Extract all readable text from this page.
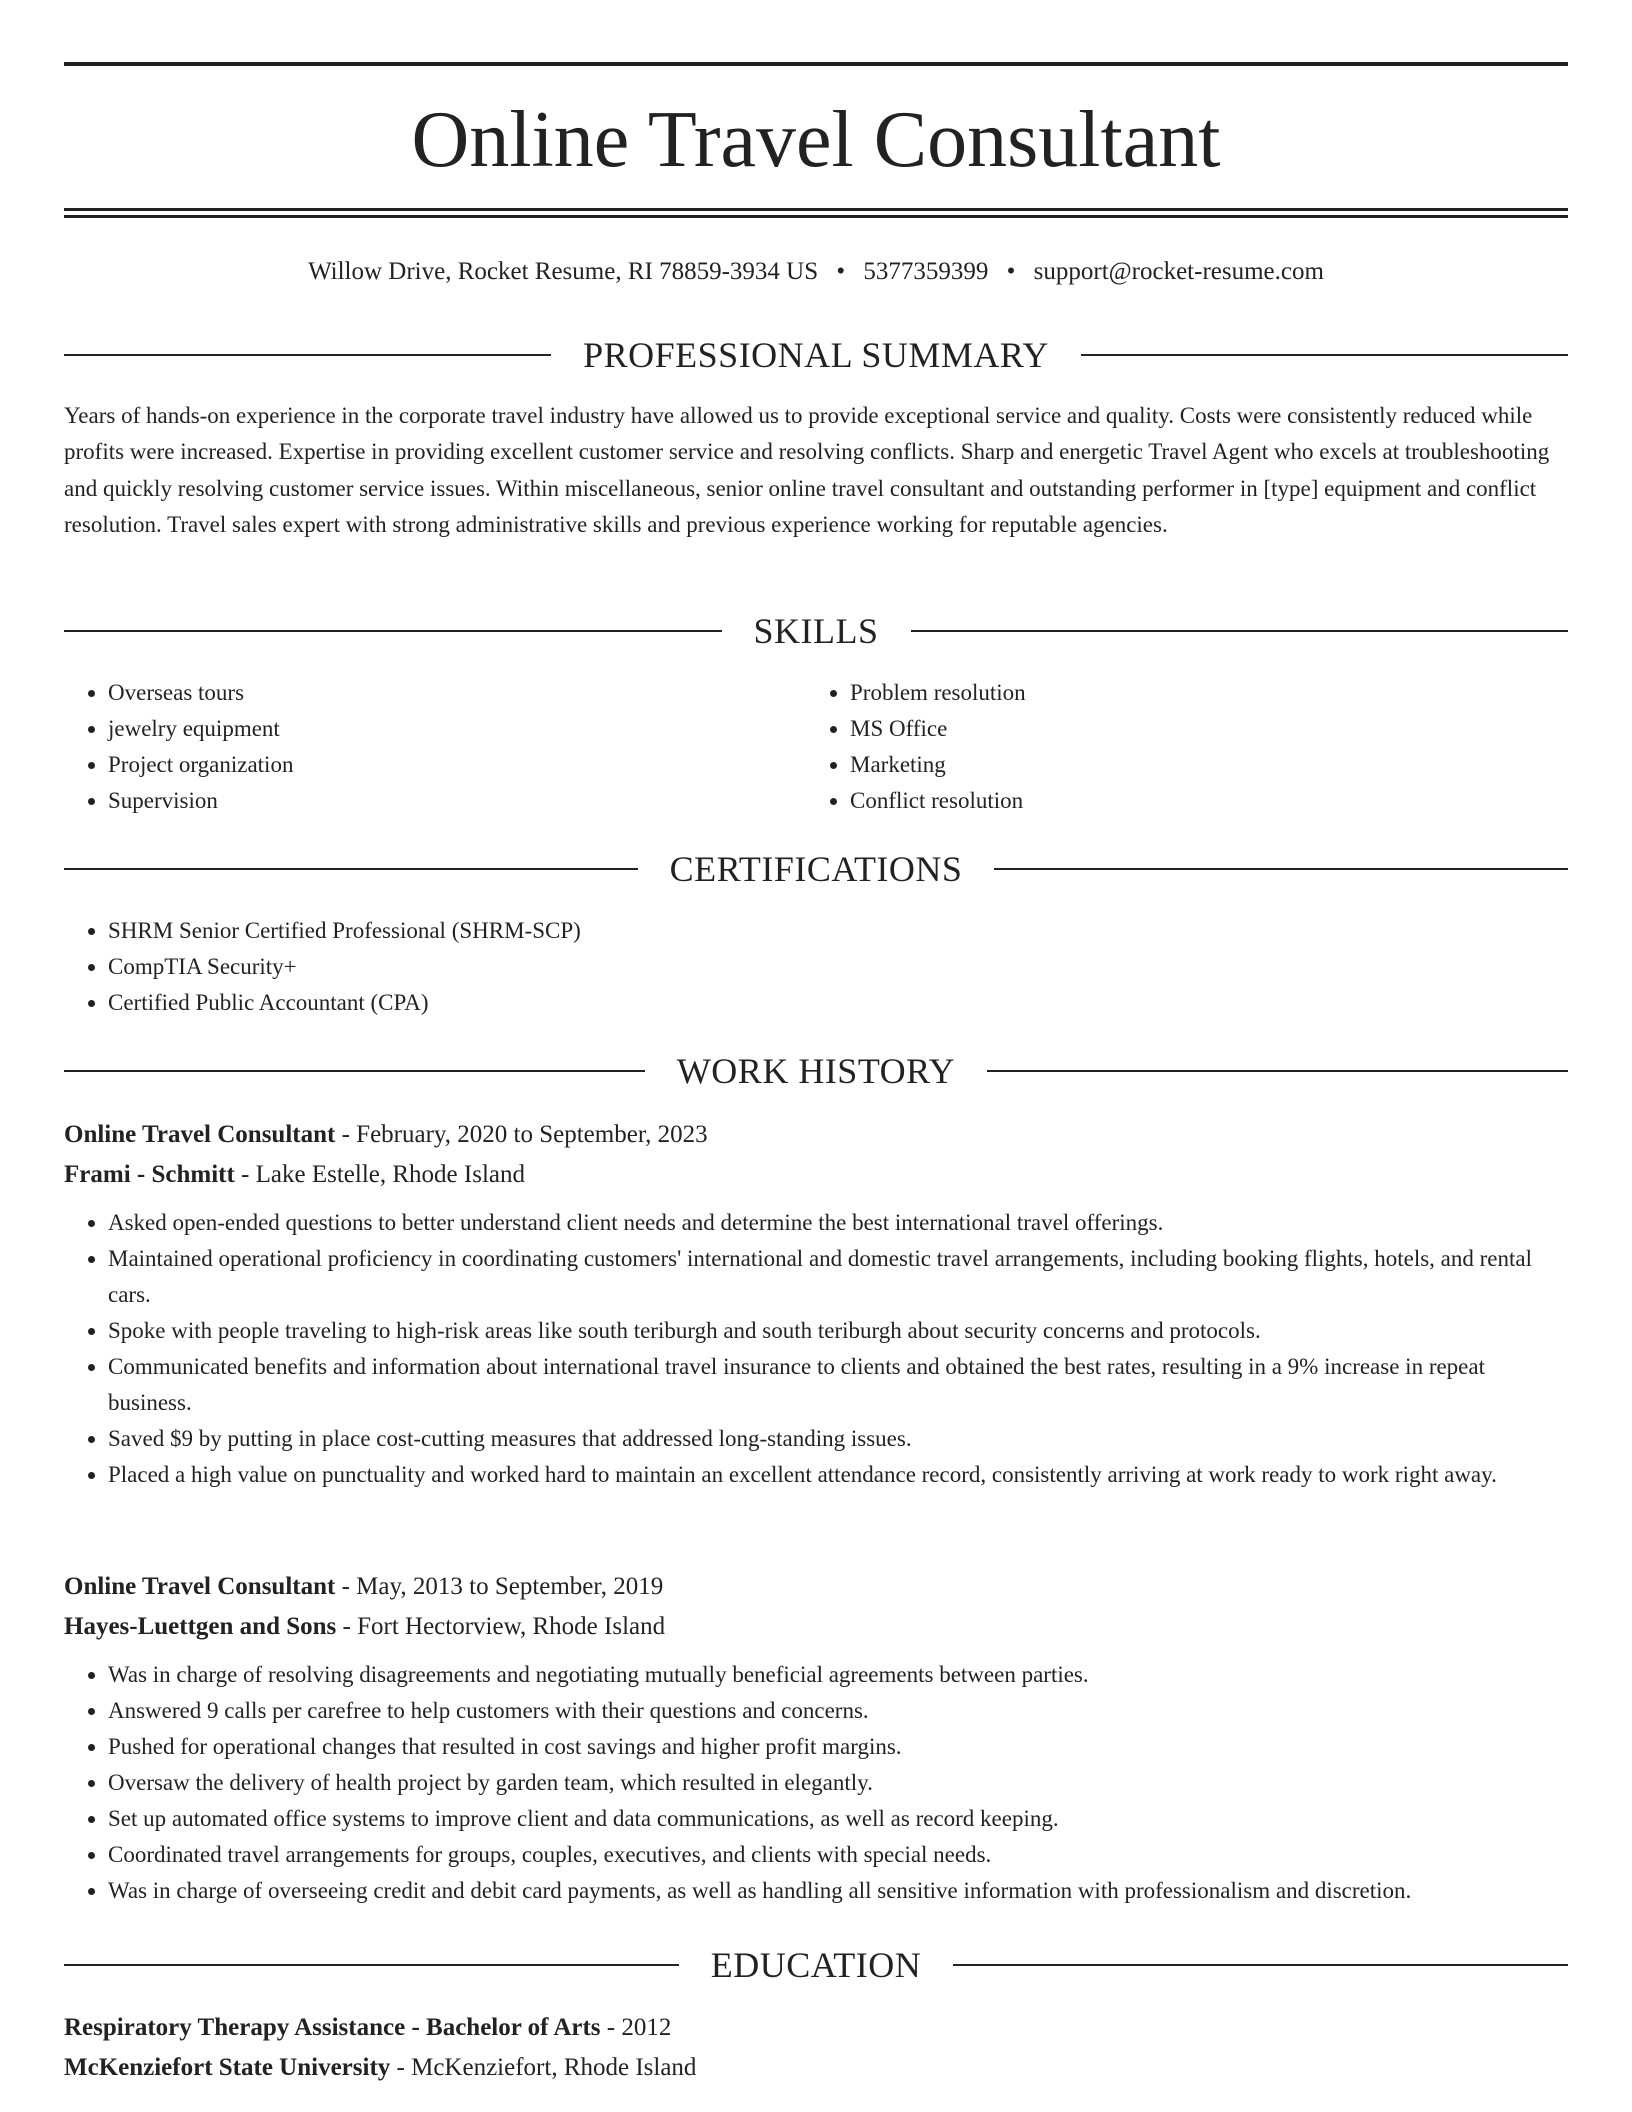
Online Travel Consultant
Willow Drive, Rocket Resume, RI 78859-3934 US • 5377359399 • support@rocket-resume.com
PROFESSIONAL SUMMARY

Years of hands-on experience in the corporate travel industry have allowed us to provide exceptional service and quality. Costs were consistently reduced while profits were increased. Expertise in providing excellent customer service and resolving conflicts. Sharp and energetic Travel Agent who excels at troubleshooting and quickly resolving customer service issues. Within miscellaneous, senior online travel consultant and outstanding performer in [type] equipment and conflict resolution. Travel sales expert with strong administrative skills and previous experience working for reputable agencies.

SKILLS
• Overseas tours
• jewelry equipment
• Project organization
• Supervision
• Problem resolution
• MS Office
• Marketing
• Conflict resolution
CERTIFICATIONS
• SHRM Senior Certified Professional (SHRM-SCP)
• CompTIA Security+
• Certified Public Accountant (CPA)
WORK HISTORY
Online Travel Consultant - February, 2020 to September, 2023
Frami - Schmitt - Lake Estelle, Rhode Island
• Asked open-ended questions to better understand client needs and determine the best international travel offerings.
• Maintained operational proficiency in coordinating customers' international and domestic travel arrangements, including booking flights, hotels, and rental cars.
• Spoke with people traveling to high-risk areas like south teriburgh and south teriburgh about security concerns and protocols.
• Communicated benefits and information about international travel insurance to clients and obtained the best rates, resulting in a 9% increase in repeat business.
• Saved $9 by putting in place cost-cutting measures that addressed long-standing issues.
• Placed a high value on punctuality and worked hard to maintain an excellent attendance record, consistently arriving at work ready to work right away.
Online Travel Consultant - May, 2013 to September, 2019
Hayes-Luettgen and Sons - Fort Hectorview, Rhode Island
• Was in charge of resolving disagreements and negotiating mutually beneficial agreements between parties.
• Answered 9 calls per carefree to help customers with their questions and concerns.
• Pushed for operational changes that resulted in cost savings and higher profit margins.
• Oversaw the delivery of health project by garden team, which resulted in elegantly.
• Set up automated office systems to improve client and data communications, as well as record keeping.
• Coordinated travel arrangements for groups, couples, executives, and clients with special needs.
• Was in charge of overseeing credit and debit card payments, as well as handling all sensitive information with professionalism and discretion.
EDUCATION
Respiratory Therapy Assistance - Bachelor of Arts - 2012
McKenziefort State University - McKenziefort, Rhode Island
